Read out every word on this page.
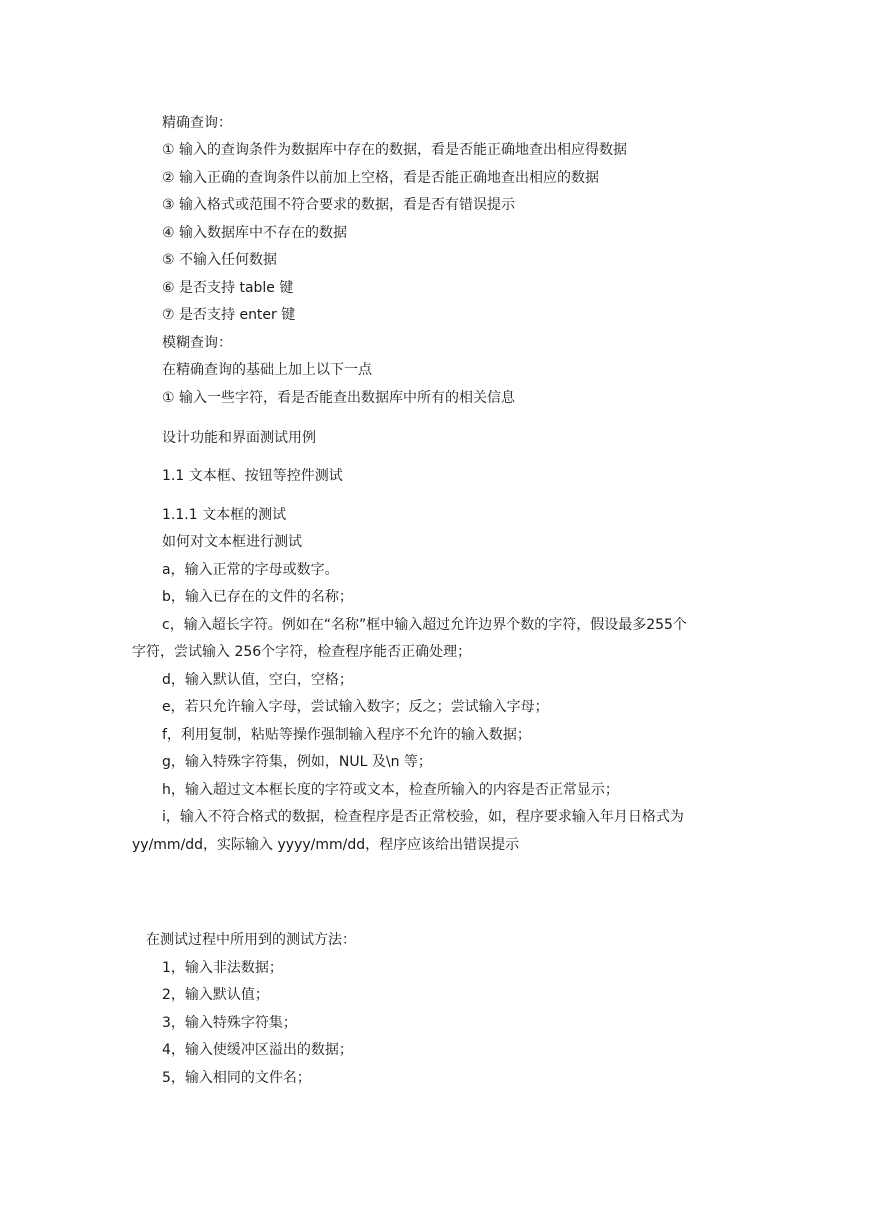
精确查询：
① 输入的查询条件为数据库中存在的数据，看是否能正确地查出相应得数据
② 输入正确的查询条件以前加上空格，看是否能正确地查出相应的数据
③ 输入格式或范围不符合要求的数据，看是否有错误提示
④ 输入数据库中不存在的数据
⑤ 不输入任何数据
⑥ 是否支持 table 键
⑦ 是否支持 enter 键
模糊查询：
在精确查询的基础上加上以下一点
① 输入一些字符，看是否能查出数据库中所有的相关信息
设计功能和界面测试用例
1.1 文本框、按钮等控件测试
1.1.1 文本框的测试
如何对文本框进行测试
a，输入正常的字母或数字。
b，输入已存在的文件的名称；
c，输入超长字符。例如在“名称”框中输入超过允许边界个数的字符，假设最多255个
字符，尝试输入 256个字符，检查程序能否正确处理；
d，输入默认值，空白，空格；
e，若只允许输入字母，尝试输入数字；反之；尝试输入字母；
f，利用复制，粘贴等操作强制输入程序不允许的输入数据；
g，输入特殊字符集，例如，NUL 及\n 等；
h，输入超过文本框长度的字符或文本，检查所输入的内容是否正常显示；
i，输入不符合格式的数据，检查程序是否正常校验，如，程序要求输入年月日格式为
yy/mm/dd，实际输入 yyyy/mm/dd，程序应该给出错误提示
在测试过程中所用到的测试方法：
1，输入非法数据；
2，输入默认值；
3，输入特殊字符集；
4，输入使缓冲区溢出的数据；
5，输入相同的文件名；
